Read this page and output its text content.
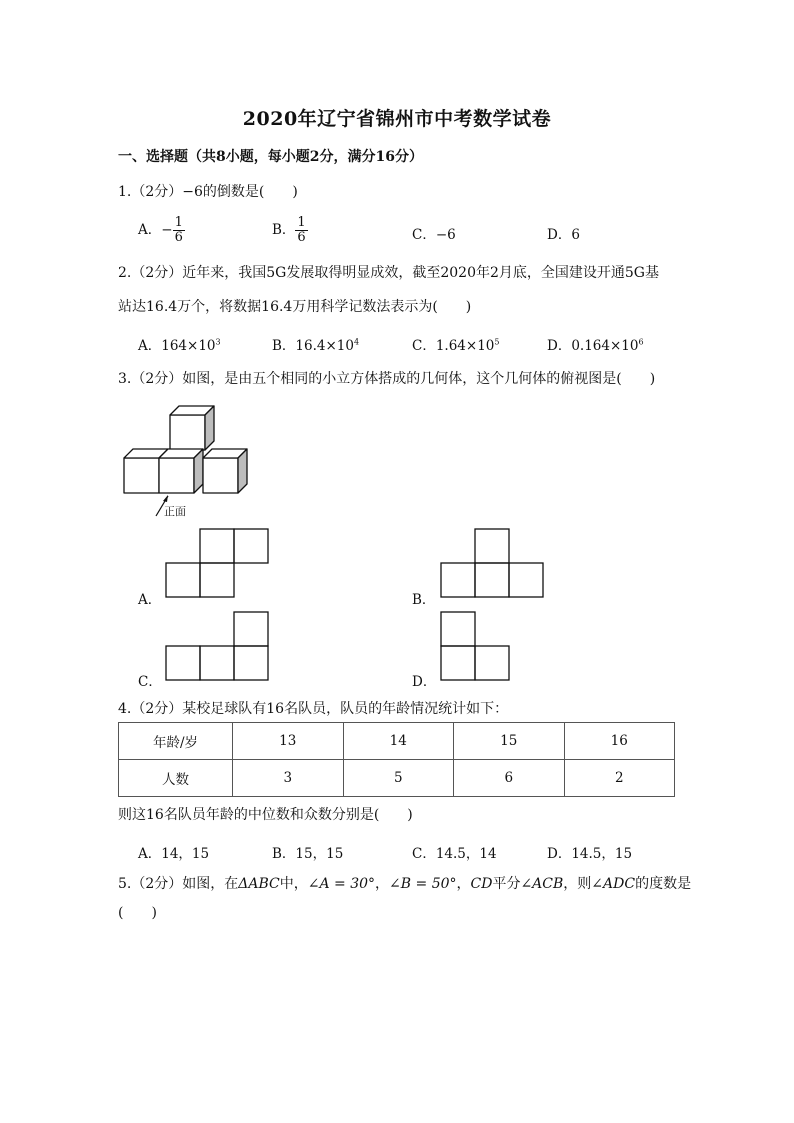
2020年辽宁省锦州市中考数学试卷
一、选择题（共8小题，每小题2分，满分16分）
1.（2分）−6的倒数是(　　)
A．− $\frac{1}{6}$	B． $\frac{1}{6}$	C．−6	D．6
2.（2分）近年来，我国5G发展取得明显成效，截至2020年2月底，全国建设开通5G基
站达16.4万个，将数据16.4万用科学记数法表示为(　　)
A．$164\times 10^3$	B．$16.4\times 10^4$	C．$1.64\times 10^5$	D．$0.164\times 10^6$
3.（2分）如图，是由五个相同的小立方体搭成的几何体，这个几何体的俯视图是(　　)
正面
A．	B．
C．	D．
4.（2分）某校足球队有16名队员，队员的年龄情况统计如下：
年龄/岁	13	14	15	16
人数	3	5	6	2
则这16名队员年龄的中位数和众数分别是(　　)
A．14，15	B．15，15	C．14.5，14	D．14.5，15
5.（2分）如图，在ΔABC中，∠A = 30°，∠B = 50°，CD平分∠ACB，则∠ADC的度数是
(　　)
